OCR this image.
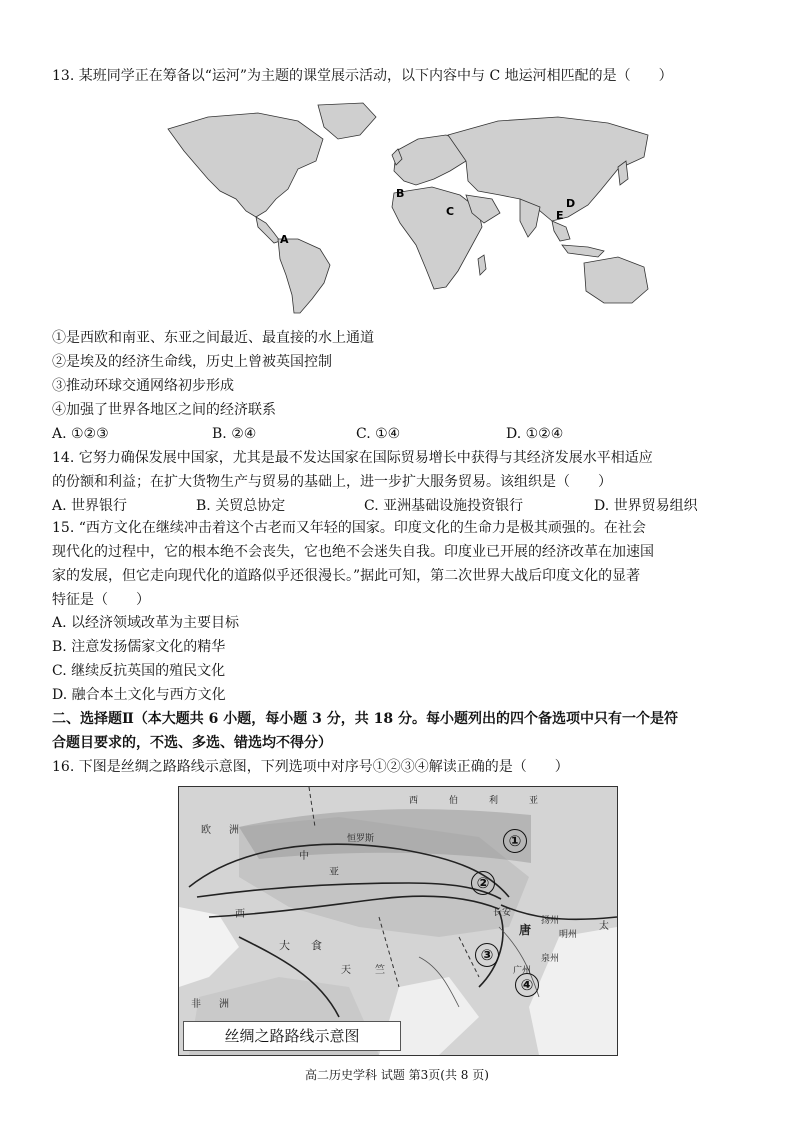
13. 某班同学正在筹备以“运河”为主题的课堂展示活动，以下内容中与 C 地运河相匹配的是（　　）
A
B
C
D
E
①是西欧和南亚、东亚之间最近、最直接的水上通道
②是埃及的经济生命线，历史上曾被英国控制
③推动环球交通网络初步形成
④加强了世界各地区之间的经济联系
A. ①②③	B. ②④	C. ①④	D. ①②④
14. 它努力确保发展中国家，尤其是最不发达国家在国际贸易增长中获得与其经济发展水平相适应
的份额和利益；在扩大货物生产与贸易的基础上，进一步扩大服务贸易。该组织是（　　）
A. 世界银行	B. 关贸总协定	C. 亚洲基础设施投资银行	D. 世界贸易组织
15. “西方文化在继续冲击着这个古老而又年轻的国家。印度文化的生命力是极其顽强的。在社会
现代化的过程中，它的根本绝不会丧失，它也绝不会迷失自我。印度业已开展的经济改革在加速国
家的发展，但它走向现代化的道路似乎还很漫长。”据此可知，第二次世界大战后印度文化的显著
特征是（　　）
A. 以经济领域改革为主要目标
B. 注意发扬儒家文化的精华
C. 继续反抗英国的殖民文化
D. 融合本土文化与西方文化
二、选择题Ⅱ（本大题共 6 小题，每小题 3 分，共 18 分。每小题列出的四个备选项中只有一个是符
合题目要求的，不选、多选、错选均不得分）
16. 下图是丝绸之路路线示意图，下列选项中对序号①②③④解读正确的是（　　）
西	伯	利	亚
欧 洲
西
大 食
天 竺
非 洲
中
亚
长安
唐
恒罗斯
广州
泉州
扬州
明州
太
①
②
③
④
丝绸之路路线示意图
高二历史学科 试题 第3页(共 8 页)
